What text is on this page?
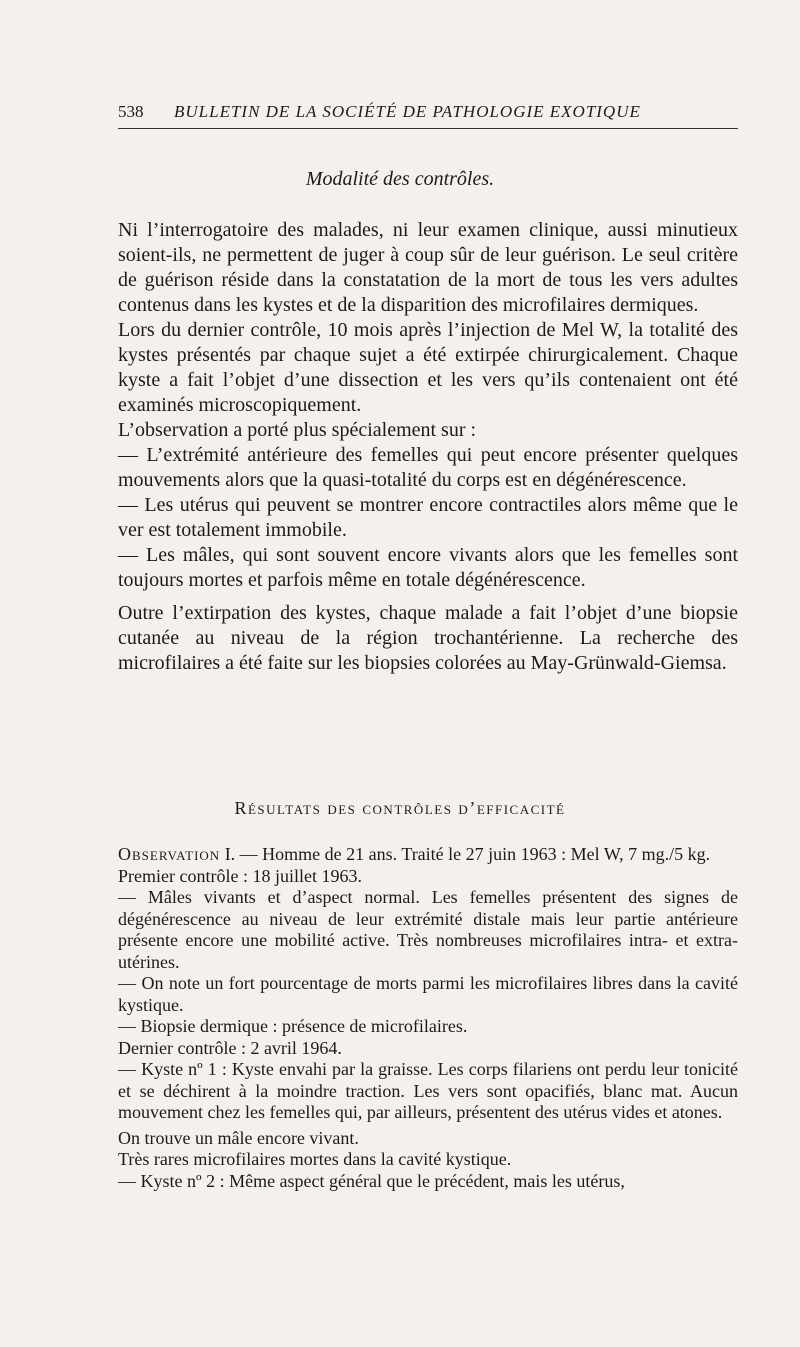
538 BULLETIN DE LA SOCIÉTÉ DE PATHOLOGIE EXOTIQUE
Modalité des contrôles.

Ni l’interrogatoire des malades, ni leur examen clinique, aussi minutieux soient-ils, ne permettent de juger à coup sûr de leur guérison. Le seul critère de guérison réside dans la constatation de la mort de tous les vers adultes contenus dans les kystes et de la disparition des microfilaires dermiques.

Lors du dernier contrôle, 10 mois après l’injection de Mel W, la totalité des kystes présentés par chaque sujet a été extirpée chirurgicalement. Chaque kyste a fait l’objet d’une dissection et les vers qu’ils contenaient ont été examinés microscopiquement.

L’observation a porté plus spécialement sur :

— L’extrémité antérieure des femelles qui peut encore présenter quelques mouvements alors que la quasi-totalité du corps est en dégénérescence.

— Les utérus qui peuvent se montrer encore contractiles alors même que le ver est totalement immobile.

— Les mâles, qui sont souvent encore vivants alors que les femelles sont toujours mortes et parfois même en totale dégénérescence.

Outre l’extirpation des kystes, chaque malade a fait l’objet d’une biopsie cutanée au niveau de la région trochantérienne. La recherche des microfilaires a été faite sur les biopsies colorées au May-Grünwald-Giemsa.

Résultats des contrôles d’efficacité

Observation I. — Homme de 21 ans. Traité le 27 juin 1963 : Mel W, 7 mg./5 kg.

Premier contrôle : 18 juillet 1963.

— Mâles vivants et d’aspect normal. Les femelles présentent des signes de dégénérescence au niveau de leur extrémité distale mais leur partie antérieure présente encore une mobilité active. Très nombreuses microfilaires intra- et extra-utérines.

— On note un fort pourcentage de morts parmi les microfilaires libres dans la cavité kystique.

— Biopsie dermique : présence de microfilaires.

Dernier contrôle : 2 avril 1964.

— Kyste nº 1 : Kyste envahi par la graisse. Les corps filariens ont perdu leur tonicité et se déchirent à la moindre traction. Les vers sont opacifiés, blanc mat. Aucun mouvement chez les femelles qui, par ailleurs, présentent des utérus vides et atones.

On trouve un mâle encore vivant.

Très rares microfilaires mortes dans la cavité kystique.

— Kyste nº 2 : Même aspect général que le précédent, mais les utérus,
